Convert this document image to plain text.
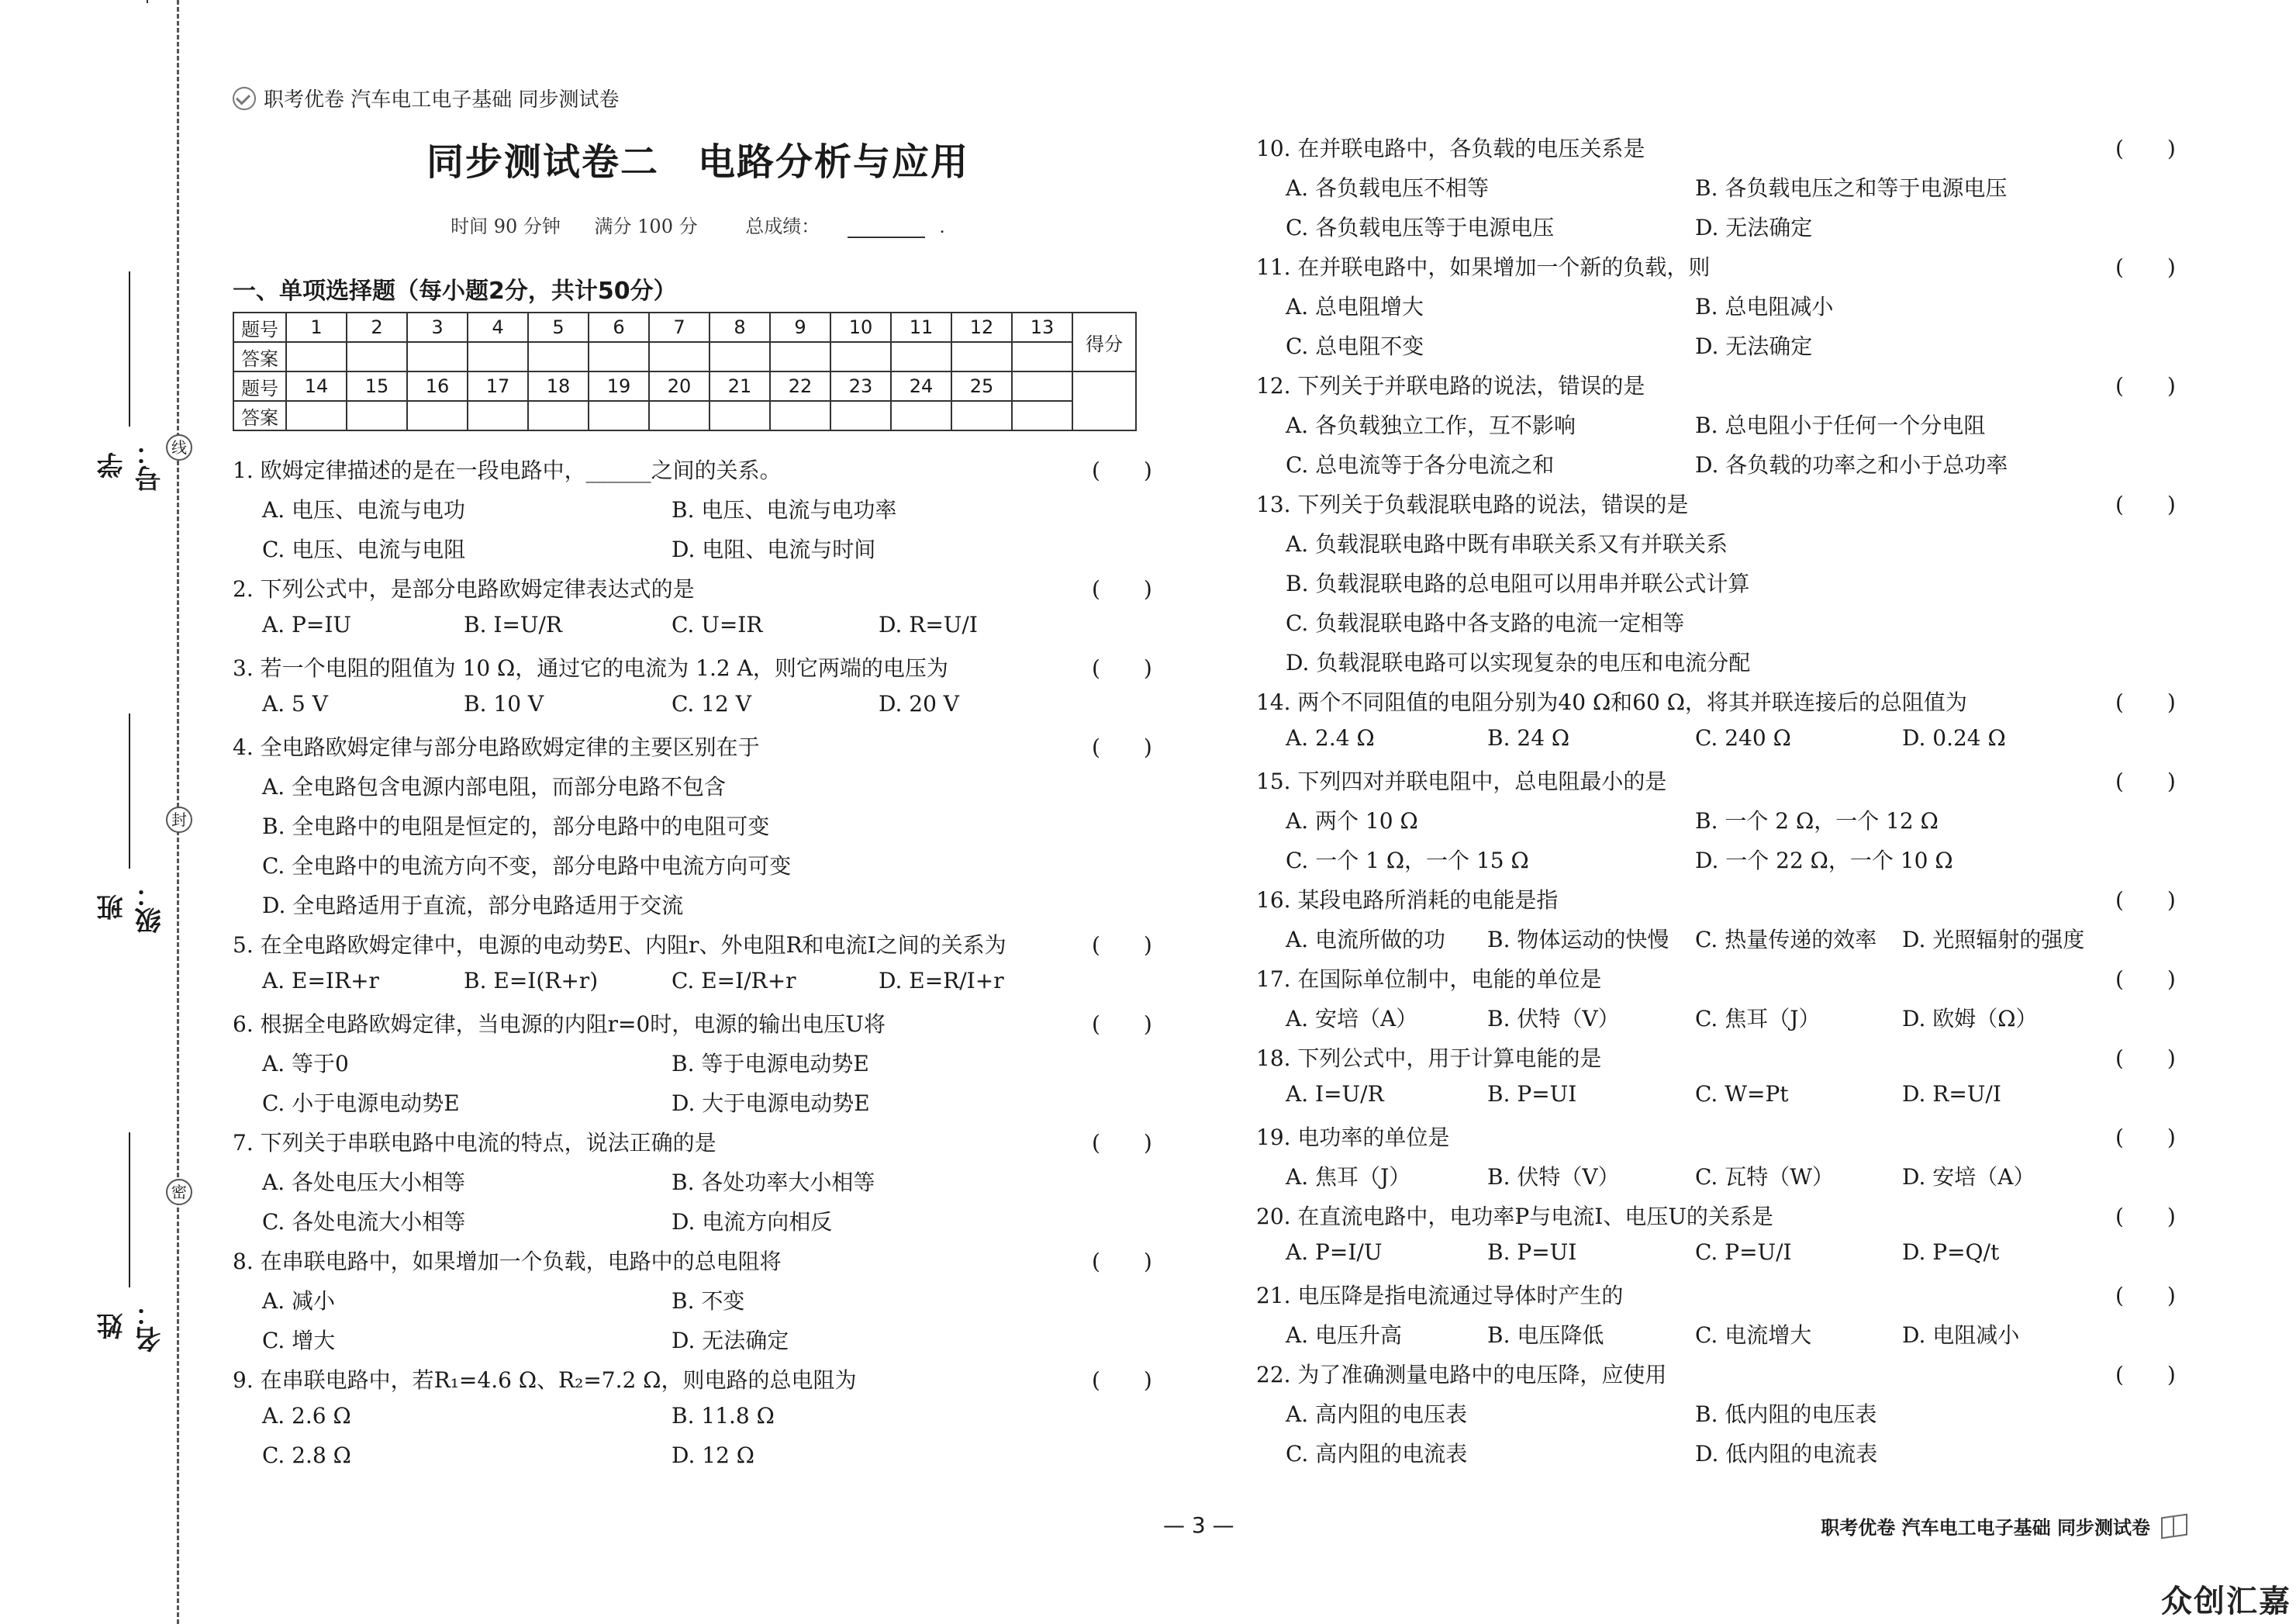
线
封
密
学号：
班级：
姓名：
职考优卷 汽车电工电子基础 同步测试卷
同步测试卷二　电路分析与应用
时间 90 分钟 满分 100 分	总成绩：	.
一、单项选择题（每小题2分，共计50分）
题号	1	2	3	4	5	6	7	8	9	10	11	12	13	得分
答案														
题号	14	15	16	17	18	19	20	21	22	23	24	25		
答案														
1. 欧姆定律描述的是在一段电路中，______之间的关系。	(　　)
A. 电压、电流与电功	B. 电压、电流与电功率
C. 电压、电流与电阻	D. 电阻、电流与时间
2. 下列公式中，是部分电路欧姆定律表达式的是	(　　)
A. P=IU	B. I=U/R	C. U=IR	D. R=U/I
3. 若一个电阻的阻值为 10 Ω，通过它的电流为 1.2 A，则它两端的电压为	(　　)
A. 5 V	B. 10 V	C. 12 V	D. 20 V
4. 全电路欧姆定律与部分电路欧姆定律的主要区别在于	(　　)
A. 全电路包含电源内部电阻，而部分电路不包含
B. 全电路中的电阻是恒定的，部分电路中的电阻可变
C. 全电路中的电流方向不变，部分电路中电流方向可变
D. 全电路适用于直流，部分电路适用于交流
5. 在全电路欧姆定律中，电源的电动势E、内阻r、外电阻R和电流I之间的关系为	(　　)
A. E=IR+r	B. E=I(R+r)	C. E=I/R+r	D. E=R/I+r
6. 根据全电路欧姆定律，当电源的内阻r=0时，电源的输出电压U将	(　　)
A. 等于0	B. 等于电源电动势E
C. 小于电源电动势E	D. 大于电源电动势E
7. 下列关于串联电路中电流的特点，说法正确的是	(　　)
A. 各处电压大小相等	B. 各处功率大小相等
C. 各处电流大小相等	D. 电流方向相反
8. 在串联电路中，如果增加一个负载，电路中的总电阻将	(　　)
A. 减小	B. 不变
C. 增大	D. 无法确定
9. 在串联电路中，若R₁=4.6 Ω、R₂=7.2 Ω，则电路的总电阻为	(　　)
A. 2.6 Ω	B. 11.8 Ω
C. 2.8 Ω	D. 12 Ω
10. 在并联电路中，各负载的电压关系是	(　　)
A. 各负载电压不相等	B. 各负载电压之和等于电源电压
C. 各负载电压等于电源电压	D. 无法确定
11. 在并联电路中，如果增加一个新的负载，则	(　　)
A. 总电阻增大	B. 总电阻减小
C. 总电阻不变	D. 无法确定
12. 下列关于并联电路的说法，错误的是	(　　)
A. 各负载独立工作，互不影响	B. 总电阻小于任何一个分电阻
C. 总电流等于各分电流之和	D. 各负载的功率之和小于总功率
13. 下列关于负载混联电路的说法，错误的是	(　　)
A. 负载混联电路中既有串联关系又有并联关系
B. 负载混联电路的总电阻可以用串并联公式计算
C. 负载混联电路中各支路的电流一定相等
D. 负载混联电路可以实现复杂的电压和电流分配
14. 两个不同阻值的电阻分别为40 Ω和60 Ω，将其并联连接后的总阻值为	(　　)
A. 2.4 Ω	B. 24 Ω	C. 240 Ω	D. 0.24 Ω
15. 下列四对并联电阻中，总电阻最小的是	(　　)
A. 两个 10 Ω	B. 一个 2 Ω，一个 12 Ω
C. 一个 1 Ω，一个 15 Ω	D. 一个 22 Ω，一个 10 Ω
16. 某段电路所消耗的电能是指	(　　)
A. 电流所做的功 B. 物体运动的快慢 C. 热量传递的效率 D. 光照辐射的强度
17. 在国际单位制中，电能的单位是	(　　)
A. 安培（A）	B. 伏特（V）	C. 焦耳（J）	D. 欧姆（Ω）
18. 下列公式中，用于计算电能的是	(　　)
A. I=U/R	B. P=UI	C. W=Pt	D. R=U/I
19. 电功率的单位是	(　　)
A. 焦耳（J）	B. 伏特（V）	C. 瓦特（W）	D. 安培（A）
20. 在直流电路中，电功率P与电流I、电压U的关系是	(　　)
A. P=I/U	B. P=UI	C. P=U/I	D. P=Q/t
21. 电压降是指电流通过导体时产生的	(　　)
A. 电压升高	B. 电压降低	C. 电流增大	D. 电阻减小
22. 为了准确测量电路中的电压降，应使用	(　　)
A. 高内阻的电压表	B. 低内阻的电压表
C. 高内阻的电流表	D. 低内阻的电流表
— 3 —	职考优卷 汽车电工电子基础 同步测试卷
众创汇嘉
